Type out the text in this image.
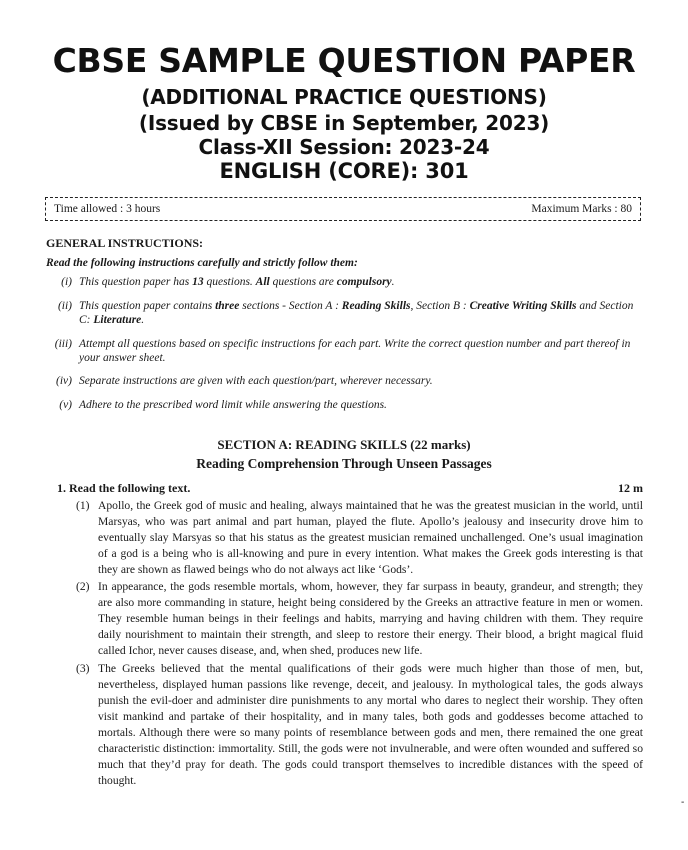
CBSE SAMPLE QUESTION PAPER
(ADDITIONAL PRACTICE QUESTIONS)
(Issued by CBSE in September, 2023)
Class-XII Session: 2023-24
ENGLISH (CORE): 301
Time allowed : 3 hours	Maximum Marks : 80
GENERAL INSTRUCTIONS:
Read the following instructions carefully and strictly follow them:
(i) This question paper has 13 questions. All questions are compulsory.
(ii) This question paper contains three sections - Section A : Reading Skills, Section B : Creative Writing Skills and Section C: Literature.
(iii) Attempt all questions based on specific instructions for each part. Write the correct question number and part thereof in your answer sheet.
(iv) Separate instructions are given with each question/part, wherever necessary.
(v) Adhere to the prescribed word limit while answering the questions.
SECTION A: READING SKILLS (22 marks)
Reading Comprehension Through Unseen Passages
1. Read the following text.	12 m
(1) Apollo, the Greek god of music and healing, always maintained that he was the greatest musician in the world, until Marsyas, who was part animal and part human, played the flute. Apollo’s jealousy and insecurity drove him to eventually slay Marsyas so that his status as the greatest musician remained unchallenged. One’s usual imagination of a god is a being who is all-knowing and pure in every intention. What makes the Greek gods interesting is that they are shown as flawed beings who do not always act like ‘Gods’.
(2) In appearance, the gods resemble mortals, whom, however, they far surpass in beauty, grandeur, and strength; they are also more commanding in stature, height being considered by the Greeks an attractive feature in men or women. They resemble human beings in their feelings and habits, marrying and having children with them. They require daily nourishment to maintain their strength, and sleep to restore their energy. Their blood, a bright magical fluid called Ichor, never causes disease, and, when shed, produces new life.
(3) The Greeks believed that the mental qualifications of their gods were much higher than those of men, but, nevertheless, displayed human passions like revenge, deceit, and jealousy. In mythological tales, the gods always punish the evil-doer and administer dire punishments to any mortal who dares to neglect their worship. They often visit mankind and partake of their hospitality, and in many tales, both gods and goddesses become attached to mortals. Although there were so many points of resemblance between gods and men, there remained the one great characteristic distinction: immortality. Still, the gods were not invulnerable, and were often wounded and suffered so much that they’d pray for death. The gods could transport themselves to incredible distances with the speed of thought.
-
